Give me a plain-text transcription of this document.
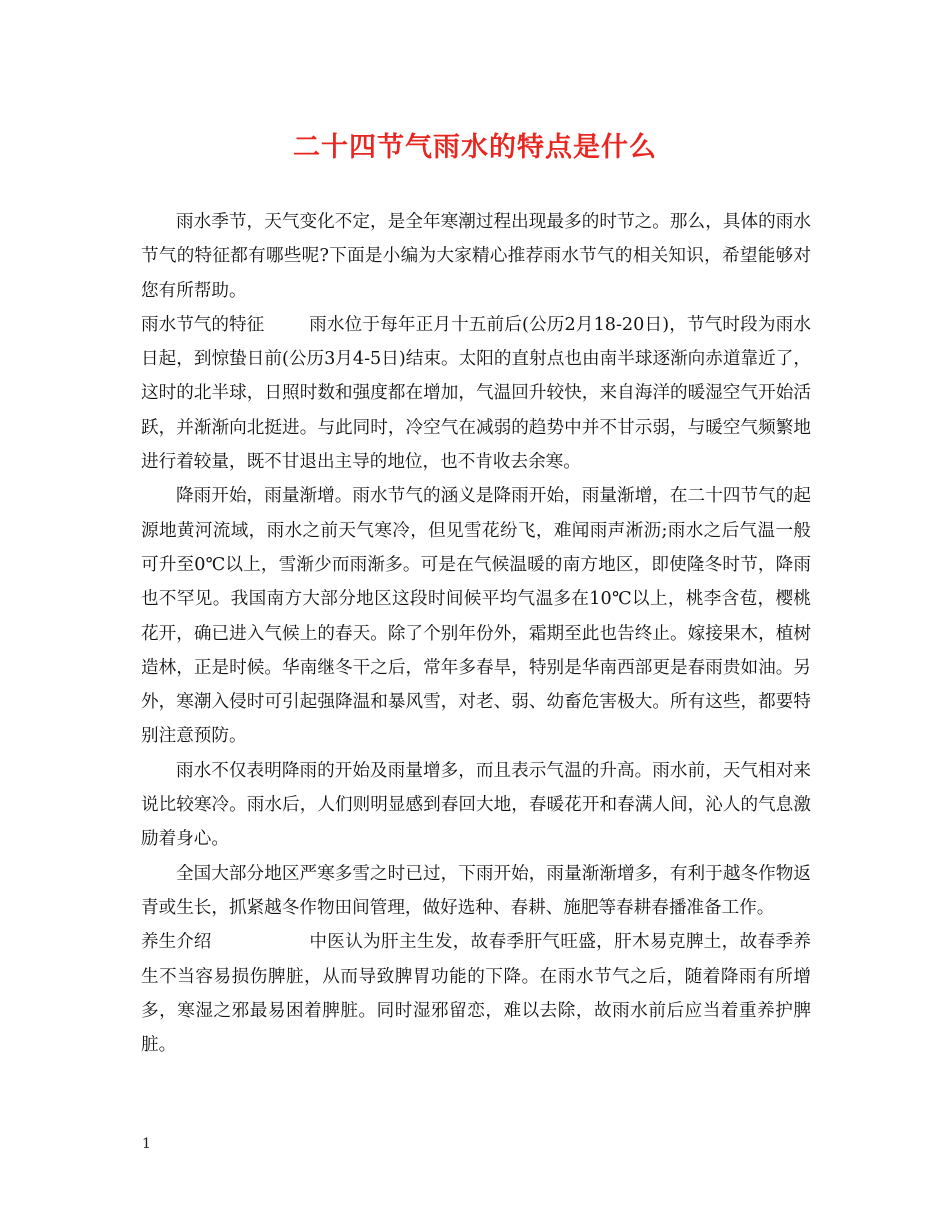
二十四节气雨水的特点是什么

雨水季节，天气变化不定，是全年寒潮过程出现最多的时节之。那么，具体的雨水节气的特征都有哪些呢?下面是小编为大家精心推荐雨水节气的相关知识，希望能够对您有所帮助。

雨水节气的特征	雨水位于每年正月十五前后(公历2月18-20日)，节气时段为雨水日起，到惊蛰日前(公历3月4-5日)结束。太阳的直射点也由南半球逐渐向赤道靠近了，这时的北半球，日照时数和强度都在增加，气温回升较快，来自海洋的暖湿空气开始活跃，并渐渐向北挺进。与此同时，冷空气在减弱的趋势中并不甘示弱，与暖空气频繁地进行着较量，既不甘退出主导的地位，也不肯收去余寒。

降雨开始，雨量渐增。雨水节气的涵义是降雨开始，雨量渐增，在二十四节气的起源地黄河流域，雨水之前天气寒冷，但见雪花纷飞，难闻雨声淅沥;雨水之后气温一般可升至0℃以上，雪渐少而雨渐多。可是在气候温暖的南方地区，即使隆冬时节，降雨也不罕见。我国南方大部分地区这段时间候平均气温多在10℃以上，桃李含苞，樱桃花开，确已进入气候上的春天。除了个别年份外，霜期至此也告终止。嫁接果木，植树造林，正是时候。华南继冬干之后，常年多春旱，特别是华南西部更是春雨贵如油。另外，寒潮入侵时可引起强降温和暴风雪，对老、弱、幼畜危害极大。所有这些，都要特别注意预防。

雨水不仅表明降雨的开始及雨量增多，而且表示气温的升高。雨水前，天气相对来说比较寒冷。雨水后，人们则明显感到春回大地，春暖花开和春满人间，沁人的气息激励着身心。

全国大部分地区严寒多雪之时已过，下雨开始，雨量渐渐增多，有利于越冬作物返青或生长，抓紧越冬作物田间管理，做好选种、春耕、施肥等春耕春播准备工作。

养生介绍	中医认为肝主生发，故春季肝气旺盛，肝木易克脾土，故春季养生不当容易损伤脾脏，从而导致脾胃功能的下降。在雨水节气之后，随着降雨有所增多，寒湿之邪最易困着脾脏。同时湿邪留恋，难以去除，故雨水前后应当着重养护脾脏。

1
